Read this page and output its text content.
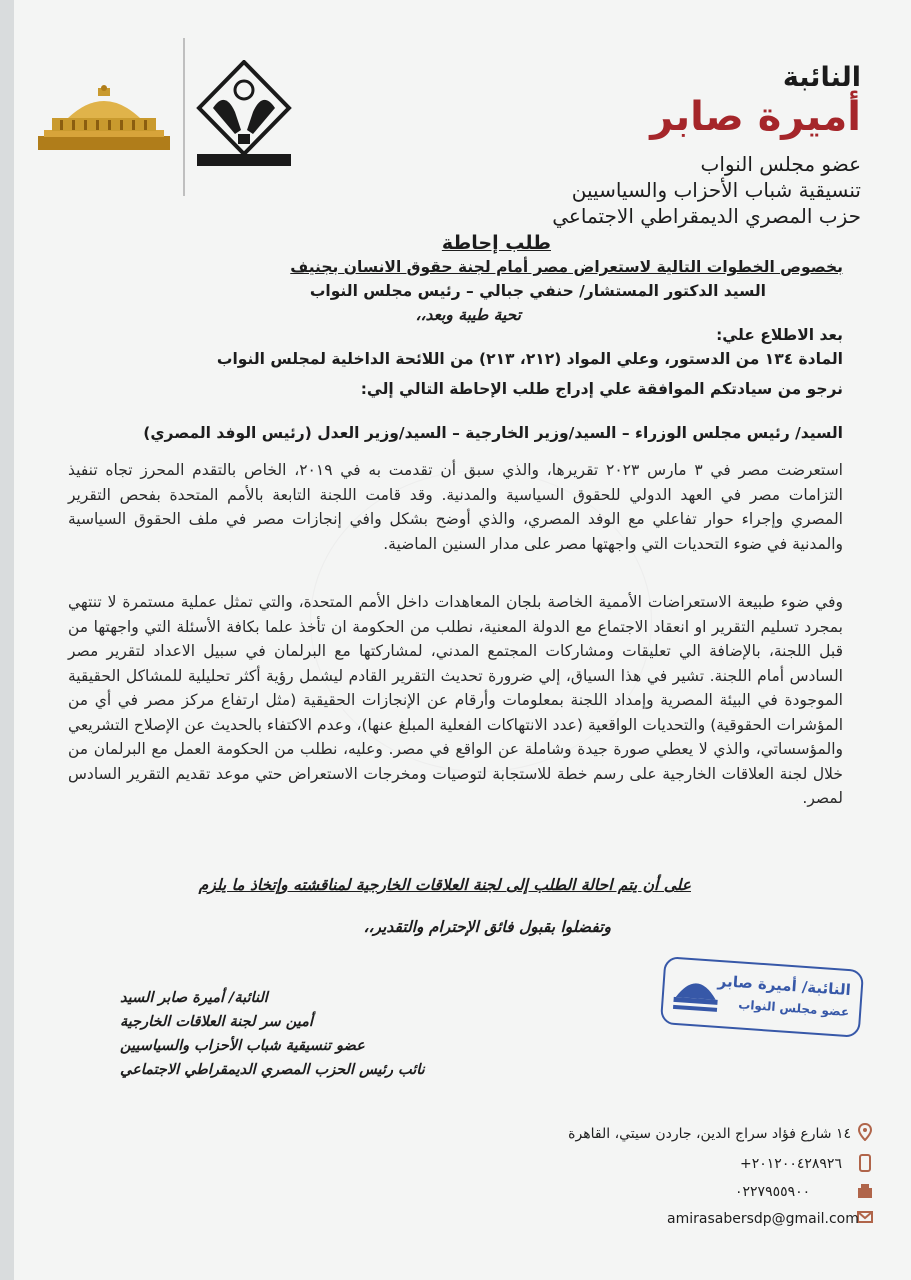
النائبة
أميرة صابر
عضو مجلس النواب
تنسيقية شباب الأحزاب والسياسيين
حزب المصري الديمقراطي الاجتماعي
طلب إحاطة
بخصوص الخطوات التالية لاستعراض مصر أمام لجنة حقوق الانسان بجنيف
السيد الدكتور المستشار/ حنفي جبالي – رئيس مجلس النواب
تحية طيبة وبعد،،
بعد الاطلاع علي:
المادة ١٣٤ من الدستور، وعلي المواد (٢١٢، ٢١٣) من اللائحة الداخلية لمجلس النواب
نرجو من سيادتكم الموافقة علي إدراج طلب الإحاطة التالي إلي:
السيد/ رئيس مجلس الوزراء – السيد/وزير الخارجية – السيد/وزير العدل (رئيس الوفد المصري)
استعرضت مصر في ٣ مارس ٢٠٢٣ تقريرها، والذي سبق أن تقدمت به في ٢٠١٩، الخاص بالتقدم المحرز تجاه تنفيذ التزامات مصر في العهد الدولي للحقوق السياسية والمدنية. وقد قامت اللجنة التابعة بالأمم المتحدة بفحص التقرير المصري وإجراء حوار تفاعلي مع الوفد المصري، والذي أوضح بشكل وافي إنجازات مصر في ملف الحقوق السياسية والمدنية في ضوء التحديات التي واجهتها مصر على مدار السنين الماضية.
وفي ضوء طبيعة الاستعراضات الأممية الخاصة بلجان المعاهدات داخل الأمم المتحدة، والتي تمثل عملية مستمرة لا تنتهي بمجرد تسليم التقرير او انعقاد الاجتماع مع الدولة المعنية، نطلب من الحكومة ان تأخذ علما بكافة الأسئلة التي واجهتها من قبل اللجنة، بالإضافة الي تعليقات ومشاركات المجتمع المدني، لمشاركتها مع البرلمان في سبيل الاعداد لتقرير مصر السادس أمام اللجنة. تشير في هذا السياق، إلي ضرورة تحديث التقرير القادم ليشمل رؤية أكثر تحليلية للمشاكل الحقيقية الموجودة في البيئة المصرية وإمداد اللجنة بمعلومات وأرقام عن الإنجازات الحقيقية (مثل ارتفاع مركز مصر في أي من المؤشرات الحقوقية) والتحديات الواقعية (عدد الانتهاكات الفعلية المبلغ عنها)، وعدم الاكتفاء بالحديث عن الإصلاح التشريعي والمؤسساتي، والذي لا يعطي صورة جيدة وشاملة عن الواقع في مصر. وعليه، نطلب من الحكومة العمل مع البرلمان من خلال لجنة العلاقات الخارجية على رسم خطة للاستجابة لتوصيات ومخرجات الاستعراض حتي موعد تقديم التقرير السادس لمصر.
على أن يتم احالة الطلب إلى لجنة العلاقات الخارجية لمناقشته وإتخاذ ما يلزم
وتفضلوا بقبول فائق الإحترام والتقدير،،
النائبة/ أميرة صابر السيد
أمين سر لجنة العلاقات الخارجية
عضو تنسيقية شباب الأحزاب والسياسيين
نائب رئيس الحزب المصري الديمقراطي الاجتماعي
النائبة/ أميرة صابر
عضو مجلس النواب
١٤ شارع فؤاد سراج الدين، جاردن سيتي، القاهرة
+٢٠١٢٠٠٤٢٨٩٢٦
٠٢٢٧٩٥٥٩٠٠
amirasabersdp@gmail.com
